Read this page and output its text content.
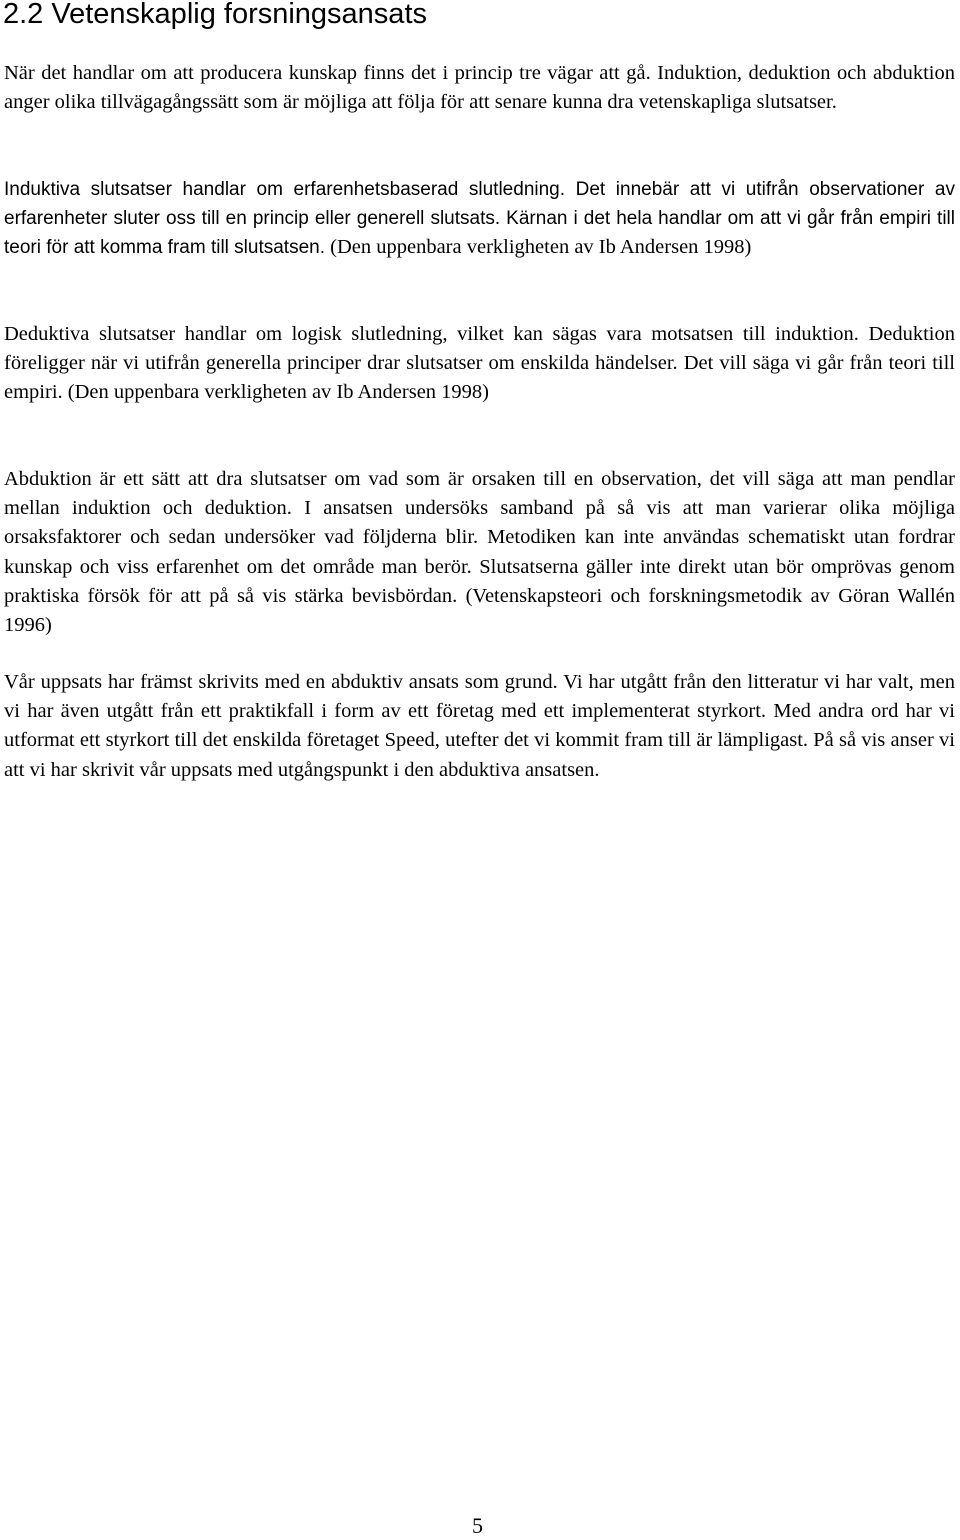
2.2 Vetenskaplig forsningsansats

När det handlar om att producera kunskap finns det i princip tre vägar att gå. Induktion, deduktion och abduktion anger olika tillvägagångssätt som är möjliga att följa för att senare kunna dra vetenskapliga slutsatser.

Induktiva slutsatser handlar om erfarenhetsbaserad slutledning. Det innebär att vi utifrån observationer av erfarenheter sluter oss till en princip eller generell slutsats. Kärnan i det hela handlar om att vi går från empiri till teori för att komma fram till slutsatsen. (Den uppenbara verkligheten av Ib Andersen 1998)

Deduktiva slutsatser handlar om logisk slutledning, vilket kan sägas vara motsatsen till induktion. Deduktion föreligger när vi utifrån generella principer drar slutsatser om enskilda händelser. Det vill säga vi går från teori till empiri. (Den uppenbara verkligheten av Ib Andersen 1998)

Abduktion är ett sätt att dra slutsatser om vad som är orsaken till en observation, det vill säga att man pendlar mellan induktion och deduktion. I ansatsen undersöks samband på så vis att man varierar olika möjliga orsaksfaktorer och sedan undersöker vad följderna blir. Metodiken kan inte användas schematiskt utan fordrar kunskap och viss erfarenhet om det område man berör. Slutsatserna gäller inte direkt utan bör omprövas genom praktiska försök för att på så vis stärka bevisbördan. (Vetenskapsteori och forskningsmetodik av Göran Wallén 1996)

Vår uppsats har främst skrivits med en abduktiv ansats som grund. Vi har utgått från den litteratur vi har valt, men vi har även utgått från ett praktikfall i form av ett företag med ett implementerat styrkort. Med andra ord har vi utformat ett styrkort till det enskilda företaget Speed, utefter det vi kommit fram till är lämpligast. På så vis anser vi att vi har skrivit vår uppsats med utgångspunkt i den abduktiva ansatsen.

5
